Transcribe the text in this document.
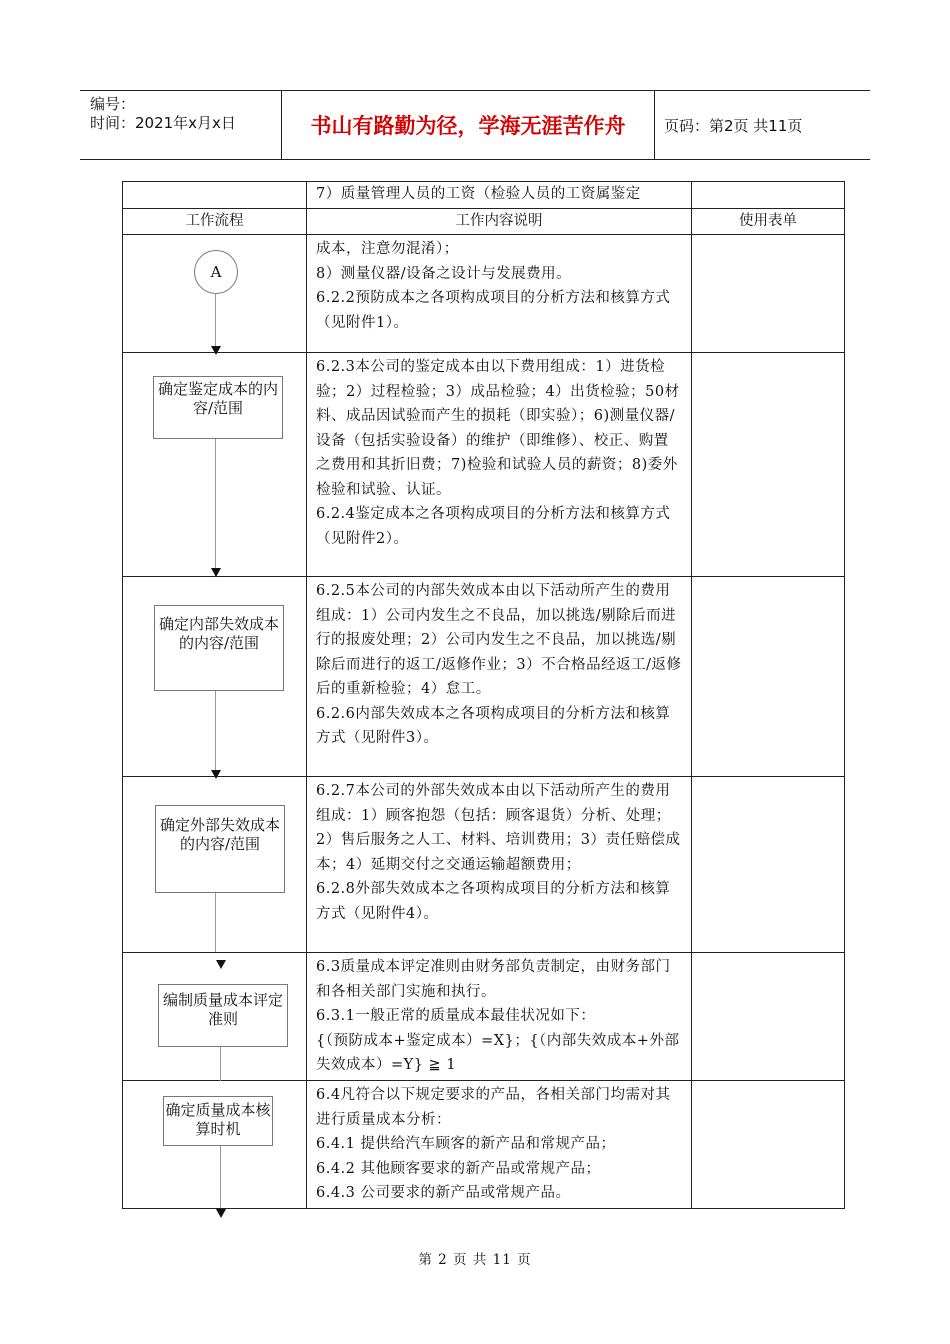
编号：
时间：2021年x月x日	书山有路勤为径，学海无涯苦作舟	页码：第2页 共11页

	7）质量管理人员的工资（检验人员的工资属鉴定	

工作流程	工作内容说明	使用表单

A	成本，注意勿混淆）；

8）测量仪器/设备之设计与发展费用。

6.2.2预防成本之各项构成项目的分析方法和核算方式（见附件1）。	

确定鉴定成本的内容/范围	6.2.3本公司的鉴定成本由以下费用组成：1）进货检验；2）过程检验；3）成品检验；4）出货检验；50材料、成品因试验而产生的损耗（即实验）；6)测量仪器/设备（包括实验设备）的维护（即维修）、校正、购置之费用和其折旧费；7)检验和试验人员的薪资；8)委外检验和试验、认证。

6.2.4鉴定成本之各项构成项目的分析方法和核算方式（见附件2）。	

确定内部失效成本的内容/范围	6.2.5本公司的内部失效成本由以下活动所产生的费用组成：1）公司内发生之不良品，加以挑选/剔除后而进行的报废处理；2）公司内发生之不良品，加以挑选/剔除后而进行的返工/返修作业；3）不合格品经返工/返修后的重新检验；4）怠工。

6.2.6内部失效成本之各项构成项目的分析方法和核算方式（见附件3）。	

确定外部失效成本的内容/范围	6.2.7本公司的外部失效成本由以下活动所产生的费用组成：1）顾客抱怨（包括：顾客退货）分析、处理；2）售后服务之人工、材料、培训费用；3）责任赔偿成本；4）延期交付之交通运输超额费用；

6.2.8外部失效成本之各项构成项目的分析方法和核算方式（见附件4）。	

编制质量成本评定准则	6.3质量成本评定准则由财务部负责制定，由财务部门和各相关部门实施和执行。

6.3.1一般正常的质量成本最佳状况如下：

{（预防成本+鉴定成本）=X}；{（内部失效成本+外部失效成本）=Y} ≧ 1	

确定质量成本核算时机	6.4凡符合以下规定要求的产品，各相关部门均需对其进行质量成本分析：

6.4.1 提供给汽车顾客的新产品和常规产品；

6.4.2 其他顾客要求的新产品或常规产品；

6.4.3 公司要求的新产品或常规产品。	

第 2 页 共 11 页
